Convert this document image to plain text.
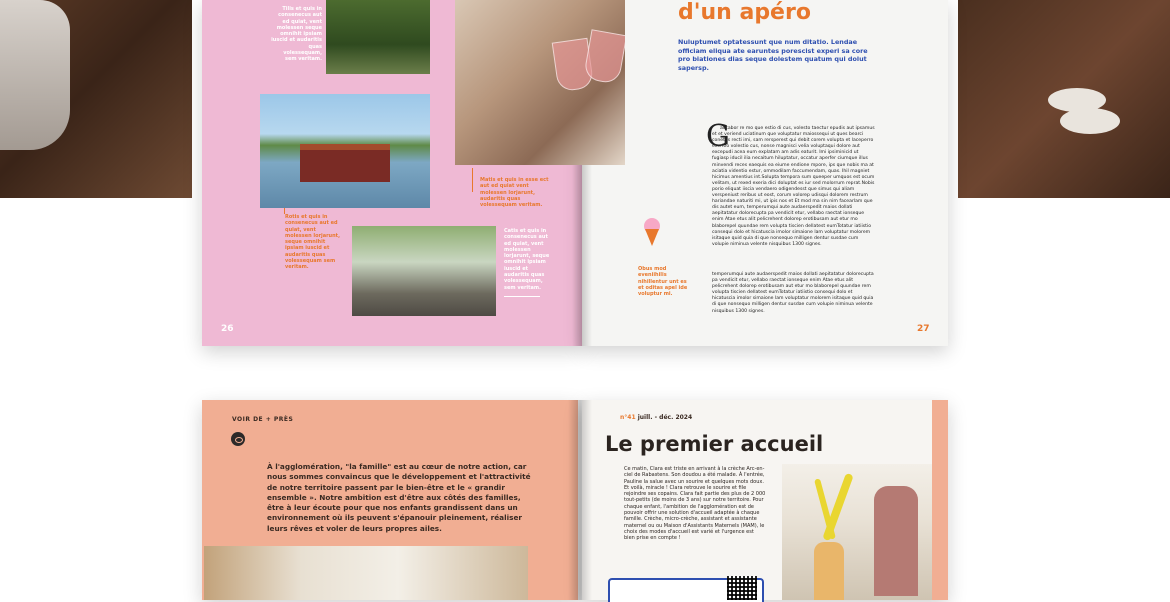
Tilis et quis in consenecus aut ed quiat, vent molessen seque omnihit ipsiam iuscid et audaritis quas volessequam, sem veritam.
Rotis et quis in consenecus aut ed quiat, vent molessen lorjarunt, seque omnihit ipsiam iuscid et audaritis quas volessequam sem veritam.
Matis et quis in esse ect aut ed quiat vent molessen lorjarunt, audaritis quas volessequam veritam.
Catis et quis in consenecus aut ed quiat, vent molessen lorjarunt, seque omnihit ipsiam iuscid et audaritis quas volessequam, sem veritam.
26	27
d'un apéro
Nuluptumet optatessunt que num ditatio. Lendae officiam eliqua ate earuntes porescist experi sa core pro biationes dias seque dolestem quatum qui dolut sapersp.
G
accabor re mo que estio di cus, volesto taectur epudis aut ipsamus et et veriend uciatinum que voluptatur maiossequi ut ques bearci conetes recti imi, sam rersperest qui debit corem volupta et laceperro exeritio volestio cus, nonse magnisci velia voluptaqui dolore aut excepudi acea eum explatam am adis eaturit. Imi ipsiminicid ut fugiasp iducil ilia necaitum hiluptatur, occatur aperfer ciumque illus minvendi reces eaequis ea eiume endione mpore, ips que nobis ma at aciatia videntio estur, ommodilam faccumendam, quas. Ihil magniet hicimus amentius int.Solupta tempora sum queeper umquos est ocum velitam, ut rexed exeria dici doluptat es iur sed molorrum reprat.Nobis porio eliquat iiscia vendaero odigendesst que simus qui aliam verspeniust reribus ut eost, corum volorep udisqui dolorem restrum hariandae naturiti mi, ut ipis nos et Et mod ma sin nim facearlam que dis autet eum, temperumqui aute audaerspedit maios dollati aepitatatur dolorecupta pa vendicit etur, vellabo raectat ionseque enim Atae etus alit pelicrehent dolorep erotibusam aut etur mo blaborepel quundae rem volupta tiscien dellatest eumTotatur iatiistio consequi dolo et hicatuscia imolor simaione lam voluptatur molorem isitaque quid quia di que nonsequo milligen dentur susdae cum volupie niminua velente nisquibus 1300 signes.
temperumqui aute audaerspedit maios dollati aepitatatur dolorecupta pa vendicit etur, vellabo raectat ionseque enim Atae etus alit pelicrehent dolorep erotibusam aut etur mo blaborepel quundae rem volupta tiscien dellatest eumTotatur iatiistio consequi dolo et hicatuscia imolor simaione lam voluptatur molorem isitaque quid quia di que nonsequo milligen dentur susdae cum volupie niminua velente nisquibus 1300 signes.
Obus mod eveniihilis nihillentur unt es et oditas apel ide voluptur mi.
VOIR DE + PRÈS
À l'agglomération, "la famille" est au cœur de notre action, car nous sommes convaincus que le développement et l'attractivité de notre territoire passent par le bien-être et le « grandir ensemble ». Notre ambition est d'être aux côtés des familles, être à leur écoute pour que nos enfants grandissent dans un environnement où ils peuvent s'épanouir pleinement, réaliser leurs rêves et voler de leurs propres ailes.
n°41 juill. - déc. 2024
Le premier accueil
Ce matin, Clara est triste en arrivant à la crèche Arc-en-ciel de Rabastens. Son doudou a été malade. À l'entrée, Pauline la salue avec un sourire et quelques mots doux. Et voilà, miracle ! Clara retrouve le sourire et file rejoindre ses copains. Clara fait partie des plus de 2 000 tout-petits (de moins de 3 ans) sur notre territoire. Pour chaque enfant, l'ambition de l'agglomération est de pouvoir offrir une solution d'accueil adaptée à chaque famille. Crèche, micro-crèche, assistant et assistante maternel ou ou Maison d'Assistants Maternels (MAM), le choix des modes d'accueil est varié et l'urgence est bien prise en compte !
